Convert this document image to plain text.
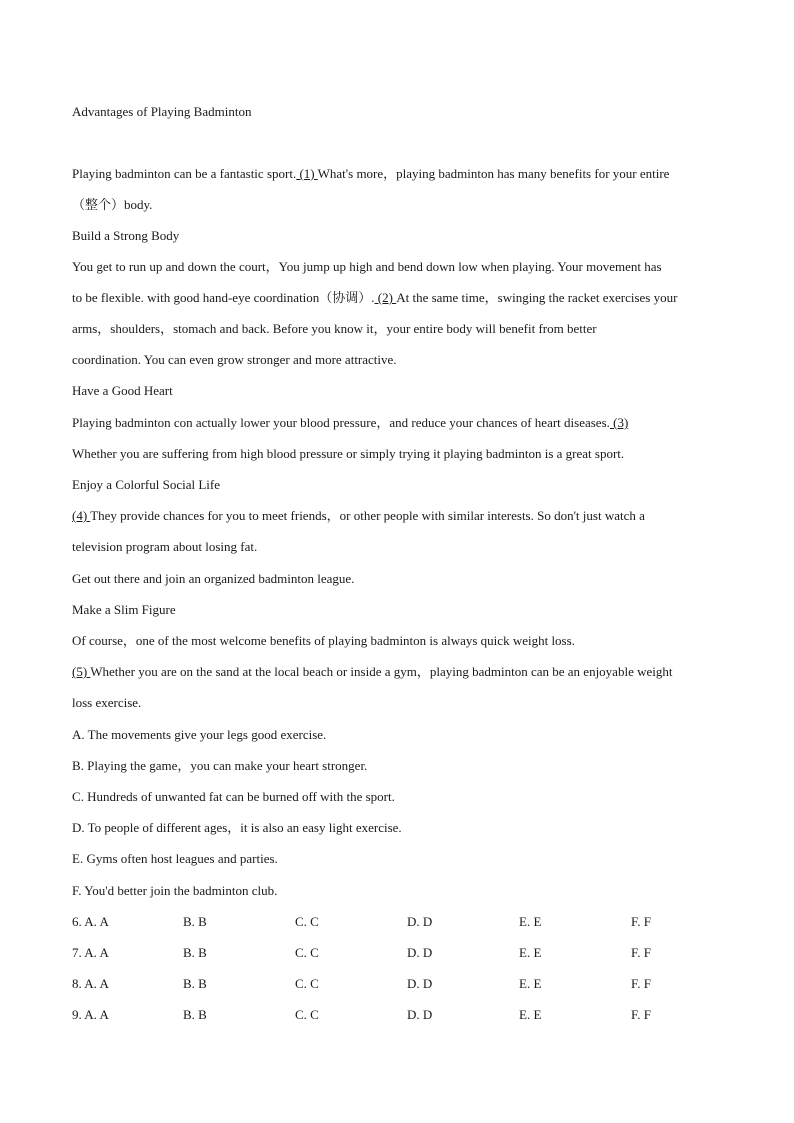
Advantages of Playing Badminton
Playing badminton can be a fantastic sport. (1) What's more，playing badminton has many benefits for your entire
（整个）body.
Build a Strong Body
You get to run up and down the court，You jump up high and bend down low when playing. Your movement has
to be flexible. with good hand-eye coordination（协调）. (2) At the same time，swinging the racket exercises your
arms，shoulders，stomach and back. Before you know it，your entire body will benefit from better
coordination. You can even grow stronger and more attractive.
Have a Good Heart
Playing badminton con actually lower your blood pressure，and reduce your chances of heart diseases. (3)
Whether you are suffering from high blood pressure or simply trying it playing badminton is a great sport.
Enjoy a Colorful Social Life
(4) They provide chances for you to meet friends，or other people with similar interests. So don't just watch a
television program about losing fat.
Get out there and join an organized badminton league.
Make a Slim Figure
Of course，one of the most welcome benefits of playing badminton is always quick weight loss.
(5) Whether you are on the sand at the local beach or inside a gym，playing badminton can be an enjoyable weight
loss exercise.
A. The movements give your legs good exercise.
B. Playing the game，you can make your heart stronger.
C. Hundreds of unwanted fat can be burned off with the sport.
D. To people of different ages，it is also an easy light exercise.
E. Gyms often host leagues and parties.
F. You'd better join the badminton club.
6. A. A	B. B	C. C	D. D	E. E	F. F
7. A. A	B. B	C. C	D. D	E. E	F. F
8. A. A	B. B	C. C	D. D	E. E	F. F
9. A. A	B. B	C. C	D. D	E. E	F. F
